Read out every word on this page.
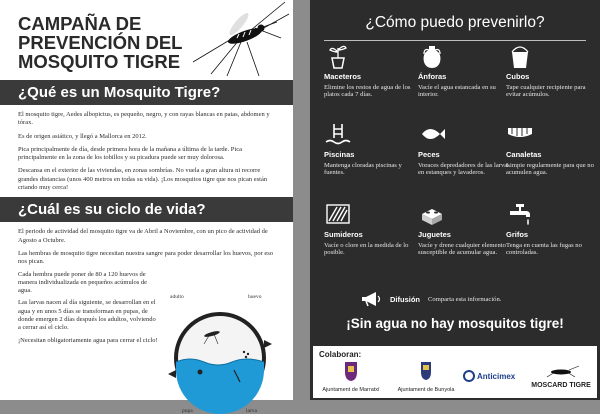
CAMPAÑA DE PREVENCIÓN DEL MOSQUITO TIGRE
¿Qué es un Mosquito Tigre?

El mosquito tigre, Aedes albopictus, es pequeño, negro, y con rayas blancas en patas, abdomen y tórax.

Es de origen asiático, y llegó a Mallorca en 2012.

Pica principalmente de día, desde primera hora de la mañana a última de la tarde. Pica principalmente en la zona de los tobillos y su picadura puede ser muy dolorosa.

Descansa en el exterior de las viviendas, en zonas sombrías. No vuela a gran altura ni recorre grandes distancias (unos 400 metros en todas su vida). ¡Los mosquitos tigre que nos pican están criando muy cerca!

¿Cuál es su ciclo de vida?

El periodo de actividad del mosquito tigre va de Abril a Noviembre, con un pico de actividad de Agosto a Octubre.

Las hembras de mosquito tigre necesitan nuestra sangre para poder desarrollar los huevos, por eso nos pican.

Cada hembra puede poner de 80 a 120 huevos de manera individualizada en pequeños acúmulos de agua.

Las larvas nacen al día siguiente, se desarrollan en el agua y en unos 5 días se transforman en pupas, de donde emergen 2 días después los adultos, volviendo a cerrar así el ciclo.

¡Necesitan obligatoriamente agua para cerrar el ciclo!

adulto	huevo
pupa	larva
¿Cómo puedo prevenirlo?
Maceteros
Elimine los restos de agua de los platos cada 7 días.
Ánforas
Vacíe el agua estancada en su interior.
Cubos
Tape cualquier recipiente para evitar acúmulos.
Piscinas
Mantenga cloradas piscinas y fuentes.
Peces
Voraces depredadores de las larvas en estanques y lavaderos.
Canaletas
Limpie regularmente para que no acumulen agua.
Sumideros
Vacíe o clore en la medida de lo posible.
Juguetes
Vacíe y drene cualquier elemento susceptible de acumular agua.
Grifos
Tenga en cuenta las fugas no controladas.
Difusión Comparta esta información.
¡Sin agua no hay mosquitos tigre!
Colaboran:
Ajuntament de Marratxí	Ajuntament de Bunyola
Anticimex
MOSCARD TIGRE
